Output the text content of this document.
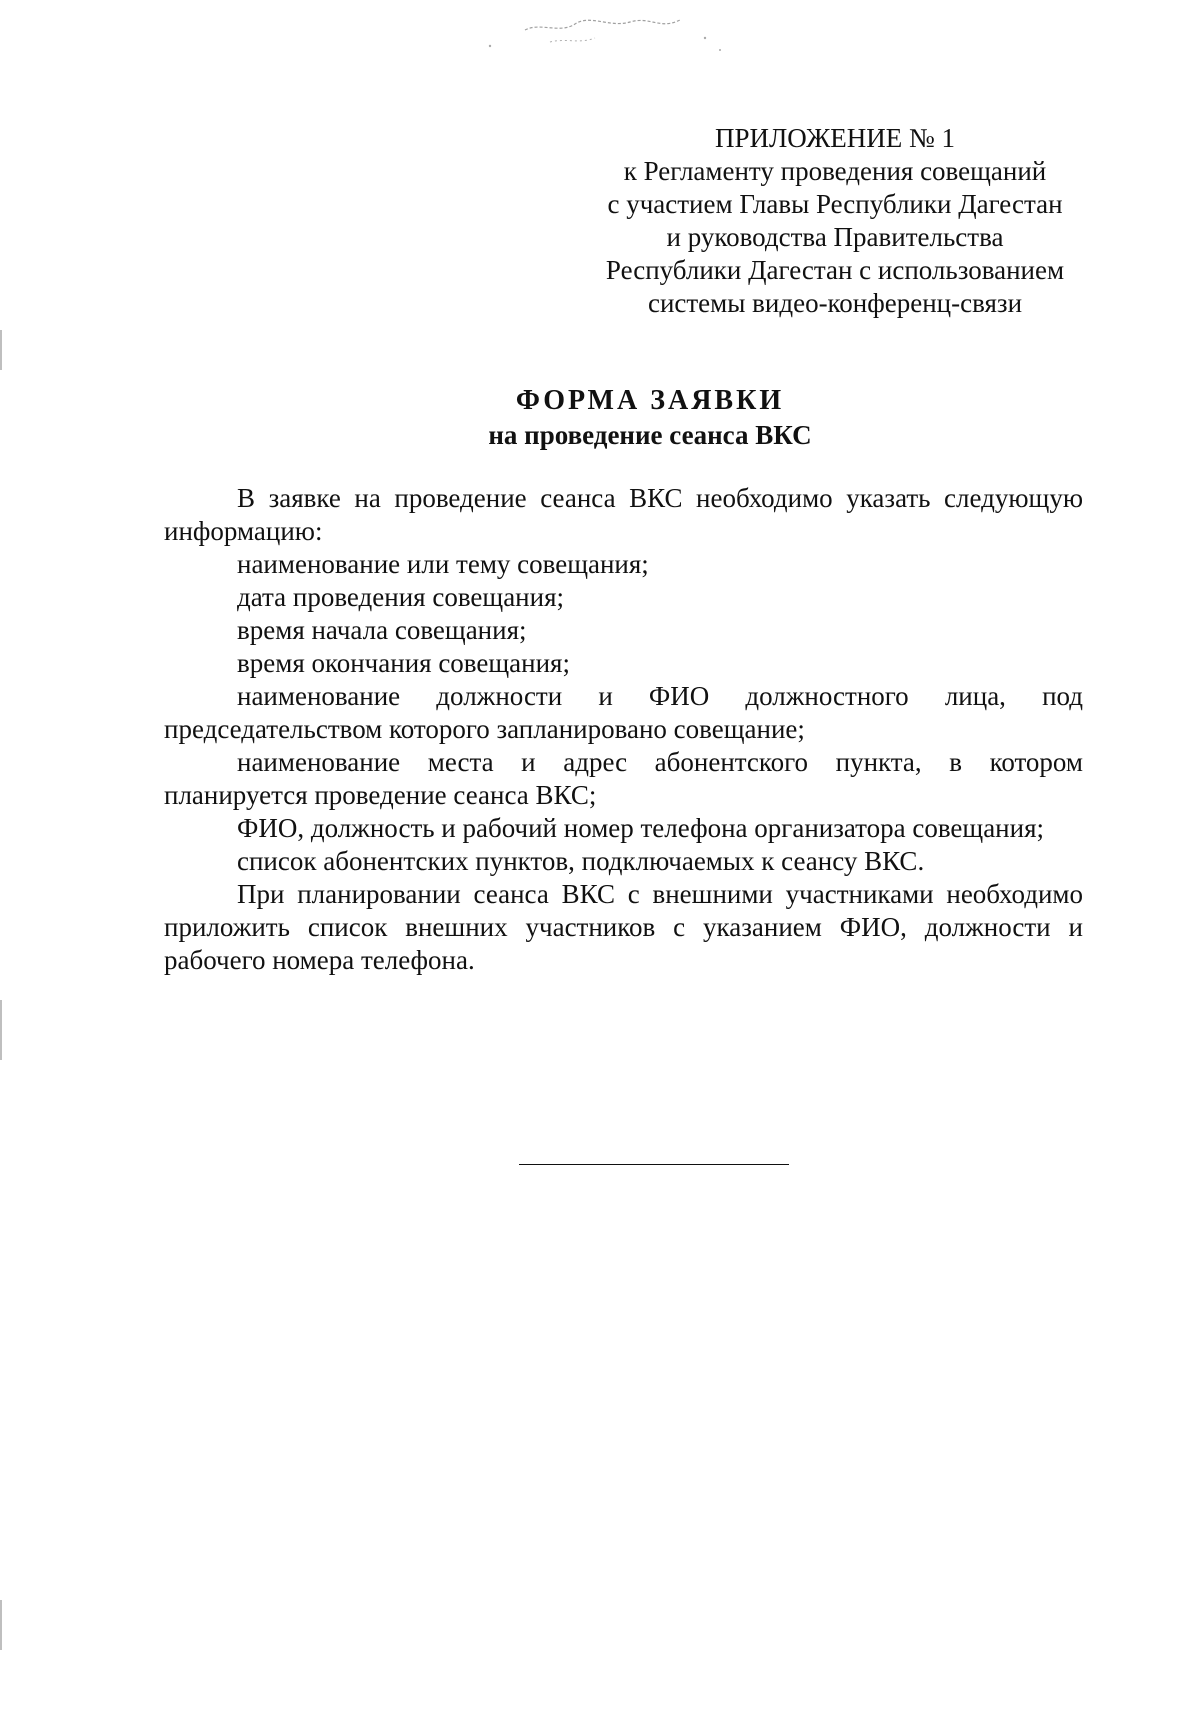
ПРИЛОЖЕНИЕ № 1
к Регламенту проведения совещаний
с участием Главы Республики Дагестан
и руководства Правительства
Республики Дагестан с использованием
системы видео-конференц-связи
ФОРМА ЗАЯВКИ
на проведение сеанса ВКС

В заявке на проведение сеанса ВКС необходимо указать следующую информацию:

наименование или тему совещания;

дата проведения совещания;

время начала совещания;

время окончания совещания;

наименование должности и ФИО должностного лица, под председательством которого запланировано совещание;

наименование места и адрес абонентского пункта, в котором планируется проведение сеанса ВКС;

ФИО, должность и рабочий номер телефона организатора совещания;

список абонентских пунктов, подключаемых к сеансу ВКС.

При планировании сеанса ВКС с внешними участниками необходимо приложить список внешних участников с указанием ФИО, должности и рабочего номера телефона.
